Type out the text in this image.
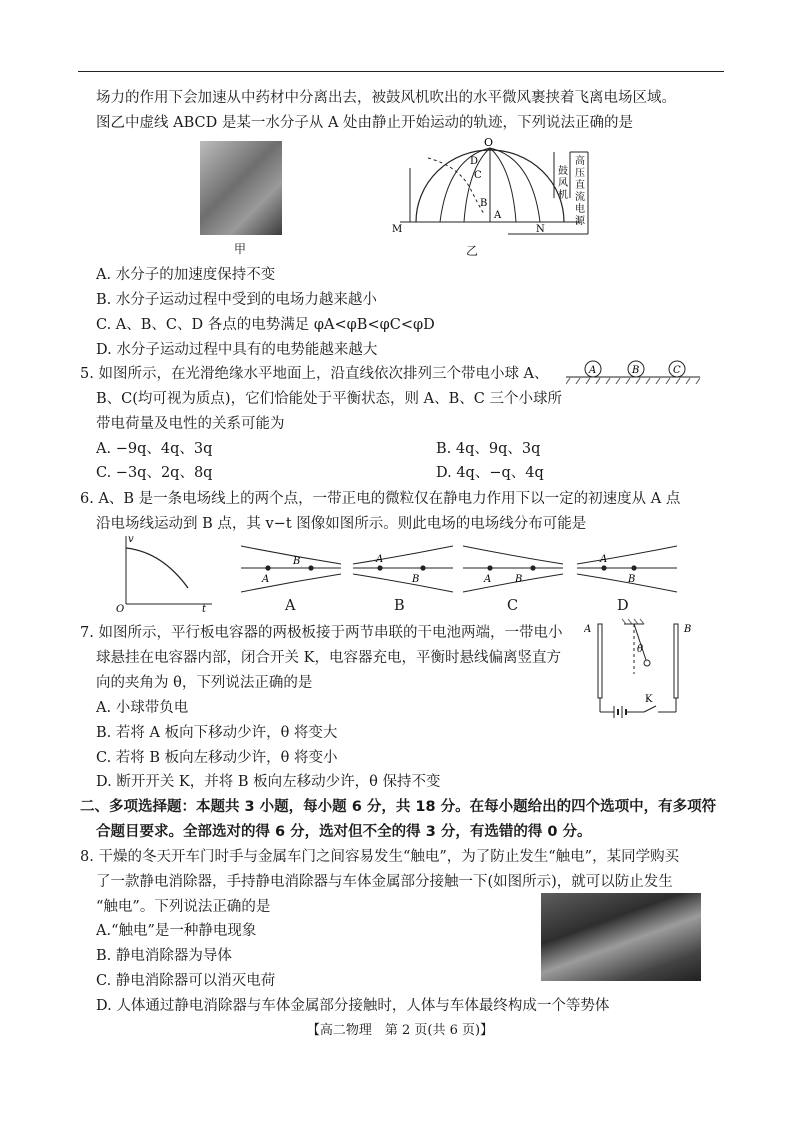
场力的作用下会加速从中药材中分离出去，被鼓风机吹出的水平微风裹挟着飞离电场区域。
图乙中虚线 ABCD 是某一水分子从 A 处由静止开始运动的轨迹，下列说法正确的是
甲
O
D
C
B
A
M	N
鼓
风
机
高
压
直
流
电
源
乙
A. 水分子的加速度保持不变
B. 水分子运动过程中受到的电场力越来越小
C. A、B、C、D 各点的电势满足 φA<φB<φC<φD
D. 水分子运动过程中具有的电势能越来越大
5. 如图所示，在光滑绝缘水平地面上，沿直线依次排列三个带电小球 A、
B、C(均可视为质点)，它们恰能处于平衡状态，则 A、B、C 三个小球所
带电荷量及电性的关系可能为
A	B	C
A. −9q、4q、3q	B. 4q、9q、3q
C. −3q、2q、8q	D. 4q、−q、4q
6. A、B 是一条电场线上的两个点，一带正电的微粒仅在静电力作用下以一定的初速度从 A 点
沿电场线运动到 B 点，其 v−t 图像如图所示。则此电场的电场线分布可能是
v
t
O
A
B
A
A
B
B
A B
C
A
B
D
7. 如图所示，平行板电容器的两极板接于两节串联的干电池两端，一带电小
球悬挂在电容器内部，闭合开关 K，电容器充电，平衡时悬线偏离竖直方
向的夹角为 θ，下列说法正确的是
A	B
θ
K
A. 小球带负电
B. 若将 A 板向下移动少许，θ 将变大
C. 若将 B 板向左移动少许，θ 将变小
D. 断开开关 K，并将 B 板向左移动少许，θ 保持不变
二、多项选择题：本题共 3 小题，每小题 6 分，共 18 分。在每小题给出的四个选项中，有多项符
合题目要求。全部选对的得 6 分，选对但不全的得 3 分，有选错的得 0 分。
8. 干燥的冬天开车门时手与金属车门之间容易发生“触电”，为了防止发生“触电”，某同学购买
了一款静电消除器，手持静电消除器与车体金属部分接触一下(如图所示)，就可以防止发生
“触电”。下列说法正确的是
A.“触电”是一种静电现象
B. 静电消除器为导体
C. 静电消除器可以消灭电荷
D. 人体通过静电消除器与车体金属部分接触时，人体与车体最终构成一个等势体
【高二物理　第 2 页(共 6 页)】
